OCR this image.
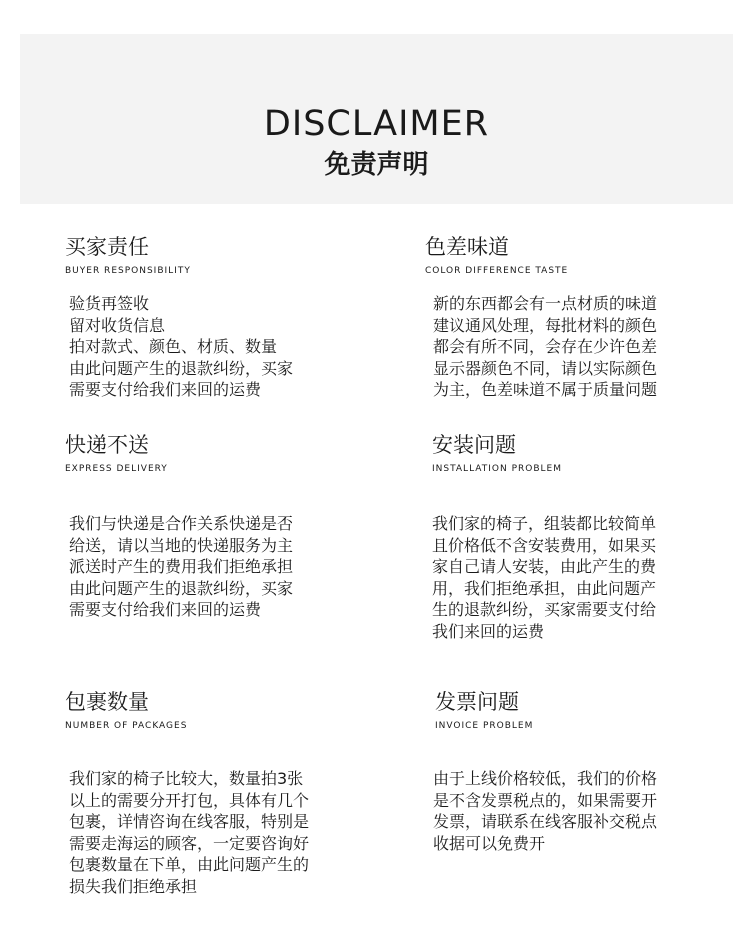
DISCLAIMER
免责声明
买家责任
BUYER RESPONSIBILITY
验货再签收
留对收货信息
拍对款式、颜色、材质、数量
由此问题产生的退款纠纷，买家
需要支付给我们来回的运费
色差味道
COLOR DIFFERENCE TASTE
新的东西都会有一点材质的味道
建议通风处理，每批材料的颜色
都会有所不同，会存在少许色差
显示器颜色不同，请以实际颜色
为主，色差味道不属于质量问题
快递不送
EXPRESS DELIVERY
我们与快递是合作关系快递是否
给送，请以当地的快递服务为主
派送时产生的费用我们拒绝承担
由此问题产生的退款纠纷，买家
需要支付给我们来回的运费
安装问题
INSTALLATION PROBLEM
我们家的椅子，组装都比较简单
且价格低不含安装费用，如果买
家自己请人安装，由此产生的费
用，我们拒绝承担，由此问题产
生的退款纠纷，买家需要支付给
我们来回的运费
包裹数量
NUMBER OF PACKAGES
我们家的椅子比较大，数量拍3张
以上的需要分开打包，具体有几个
包裹，详情咨询在线客服，特别是
需要走海运的顾客，一定要咨询好
包裹数量在下单，由此问题产生的
损失我们拒绝承担
发票问题
INVOICE PROBLEM
由于上线价格较低，我们的价格
是不含发票税点的，如果需要开
发票，请联系在线客服补交税点
收据可以免费开
